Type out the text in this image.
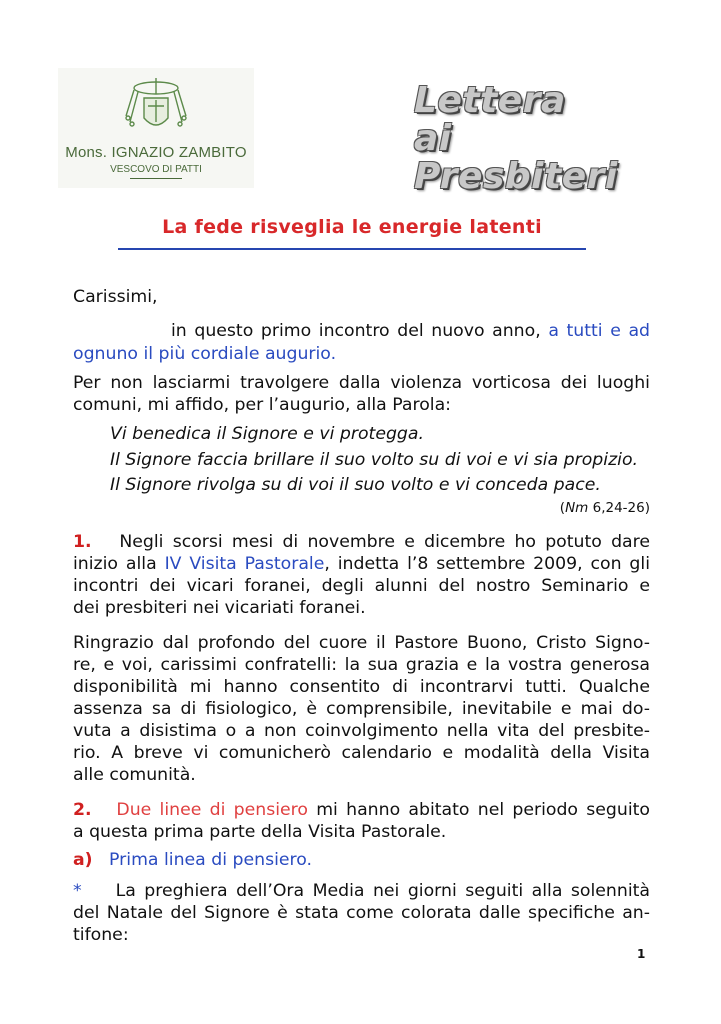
Mons. IGNAZIO ZAMBITO
VESCOVO DI PATTI
Lettera
ai Presbiteri
La fede risveglia le energie latenti
Carissimi,
in questo primo incontro del nuovo anno, a tutti e ad
ognuno il più cordiale augurio.
Per non lasciarmi travolgere dalla violenza vorticosa dei luoghi
comuni, mi affido, per l’augurio, alla Parola:
Vi benedica il Signore e vi protegga.
Il Signore faccia brillare il suo volto su di voi e vi sia propizio.
Il Signore rivolga su di voi il suo volto e vi conceda pace.
(Nm 6,24-26)
1. Negli scorsi mesi di novembre e dicembre ho potuto dare
inizio alla IV Visita Pastorale, indetta l’8 settembre 2009, con gli
incontri dei vicari foranei, degli alunni del nostro Seminario e
dei presbiteri nei vicariati foranei.
Ringrazio dal profondo del cuore il Pastore Buono, Cristo Signo-
re, e voi, carissimi confratelli: la sua grazia e la vostra generosa
disponibilità mi hanno consentito di incontrarvi tutti. Qualche
assenza sa di fisiologico, è comprensibile, inevitabile e mai do-
vuta a disistima o a non coinvolgimento nella vita del presbite-
rio. A breve vi comunicherò calendario e modalità della Visita
alle comunità.
2. Due linee di pensiero mi hanno abitato nel periodo seguito
a questa prima parte della Visita Pastorale.
a) Prima linea di pensiero.
* La preghiera dell’Ora Media nei giorni seguiti alla solennità
del Natale del Signore è stata come colorata dalle specifiche an-
tifone:
1
